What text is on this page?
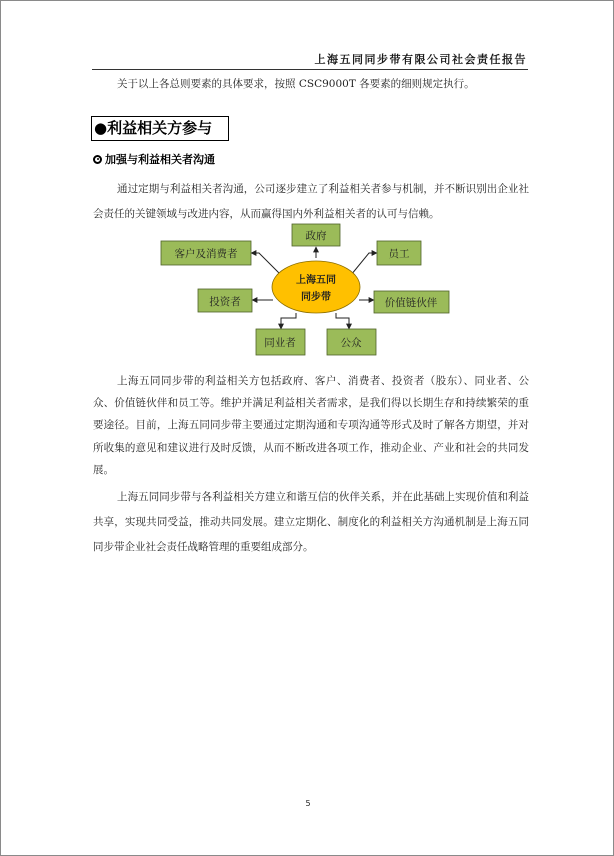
上海五同同步带有限公司社会责任报告

关于以上各总则要素的具体要求，按照 CSC9000T 各要素的细则规定执行。

●利益相关方参与
加强与利益相关者沟通

通过定期与利益相关者沟通，公司逐步建立了利益相关者参与机制，并不断识别出企业社会责任的关键领域与改进内容，从而赢得国内外利益相关者的认可与信赖。

上海五同
同步带
政府
客户及消费者	员工
投资者	价值链伙伴
同业者	公众

上海五同同步带的利益相关方包括政府、客户、消费者、投资者（股东）、同业者、公众、价值链伙伴和员工等。维护并满足利益相关者需求，是我们得以长期生存和持续繁荣的重要途径。目前，上海五同同步带主要通过定期沟通和专项沟通等形式及时了解各方期望，并对所收集的意见和建议进行及时反馈，从而不断改进各项工作，推动企业、产业和社会的共同发展。

上海五同同步带与各利益相关方建立和谐互信的伙伴关系，并在此基础上实现价值和利益共享，实现共同受益，推动共同发展。建立定期化、制度化的利益相关方沟通机制是上海五同同步带企业社会责任战略管理的重要组成部分。

5
